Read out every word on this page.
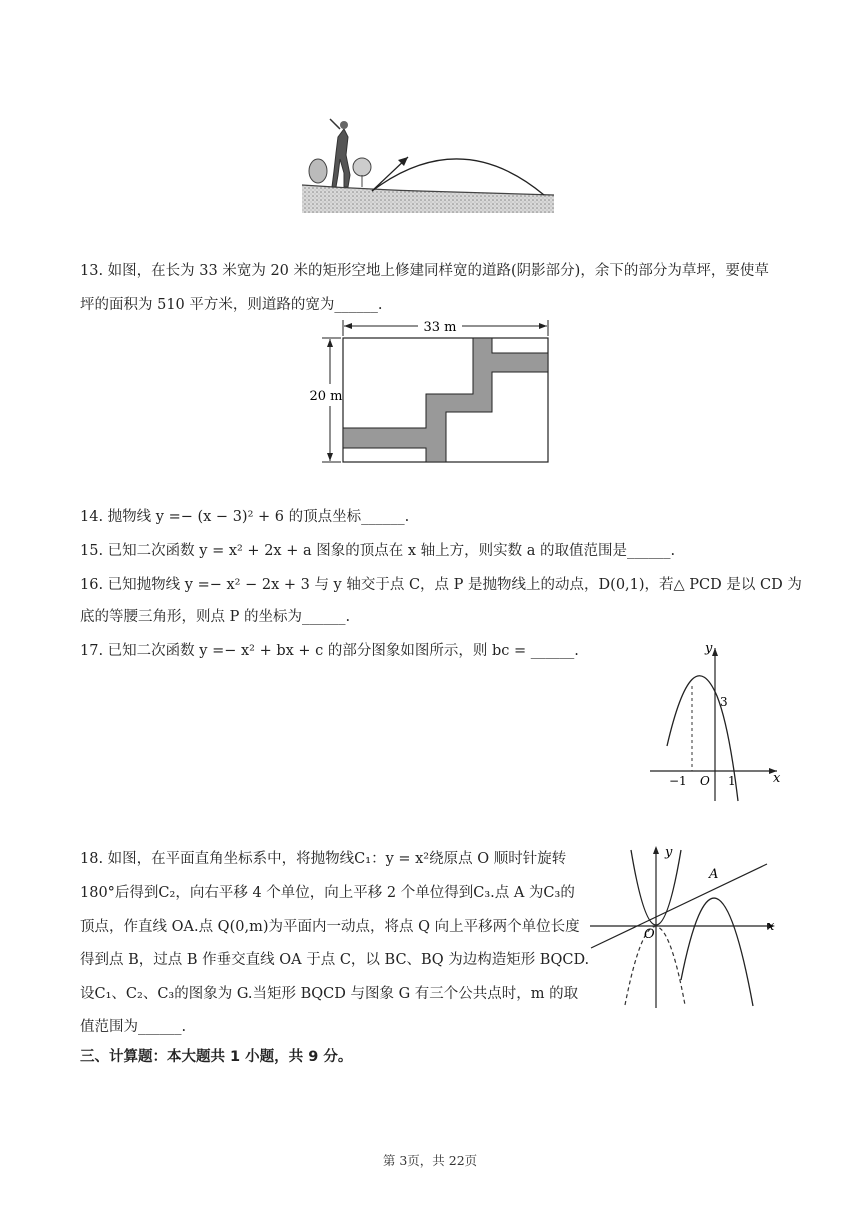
13. 如图，在长为 33 米宽为 20 米的矩形空地上修建同样宽的道路(阴影部分)，余下的部分为草坪，要使草
坪的面积为 510 平方米，则道路的宽为______.
33 m
20 m
14. 抛物线 y =− (x − 3)² + 6 的顶点坐标______.
15. 已知二次函数 y = x² + 2x + a 图象的顶点在 x 轴上方，则实数 a 的取值范围是______.
16. 已知抛物线 y =− x² − 2x + 3 与 y 轴交于点 C，点 P 是抛物线上的动点，D(0,1)，若△ PCD 是以 CD 为
底的等腰三角形，则点 P 的坐标为______.
17. 已知二次函数 y =− x² + bx + c 的部分图象如图所示，则 bc = ______.	y
x
3
−1 O 1
18. 如图，在平面直角坐标系中，将抛物线C₁：y = x²绕原点 O 顺时针旋转
180°后得到C₂，向右平移 4 个单位，向上平移 2 个单位得到C₃.点 A 为C₃的
顶点，作直线 OA.点 Q(0,m)为平面内一动点，将点 Q 向上平移两个单位长度
得到点 B，过点 B 作垂交直线 OA 于点 C，以 BC、BQ 为边构造矩形 BQCD.
设C₁、C₂、C₃的图象为 G.当矩形 BQCD 与图象 G 有三个公共点时，m 的取
值范围为______.
y
x
A
O
三、计算题：本大题共 1 小题，共 9 分。
第 3页，共 22页
